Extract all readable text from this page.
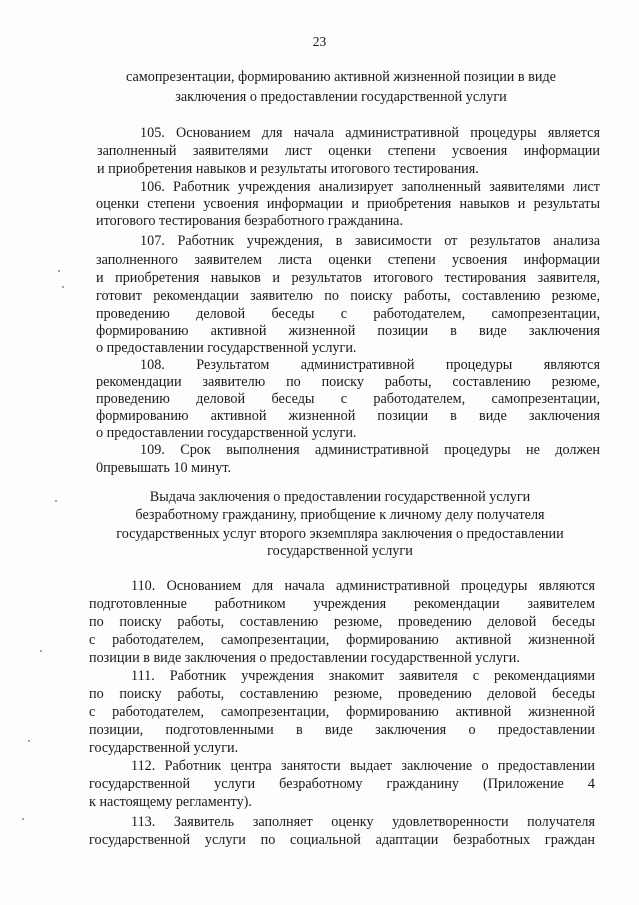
23
самопрезентации, формированию активной жизненной позиции в виде
заключения о предоставлении государственной услуги
105. Основанием для начала административной процедуры является
заполненный заявителями лист оценки степени усвоения информации
и приобретения навыков и результаты итогового тестирования.
106. Работник учреждения анализирует заполненный заявителями лист
оценки степени усвоения информации и приобретения навыков и результаты
итогового тестирования безработного гражданина.
107. Работник учреждения, в зависимости от результатов анализа
заполненного заявителем листа оценки степени усвоения информации
и приобретения навыков и результатов итогового тестирования заявителя,
готовит рекомендации заявителю по поиску работы, составлению резюме,
проведению деловой беседы с работодателем, самопрезентации,
формированию активной жизненной позиции в виде заключения
о предоставлении государственной услуги.
108. Результатом административной процедуры являются
рекомендации заявителю по поиску работы, составлению резюме,
проведению деловой беседы с работодателем, самопрезентации,
формированию активной жизненной позиции в виде заключения
о предоставлении государственной услуги.
109. Срок выполнения административной процедуры не должен
0превышать 10 минут.
Выдача заключения о предоставлении государственной услуги
безработному гражданину, приобщение к личному делу получателя
государственных услуг второго экземпляра заключения о предоставлении
государственной услуги
110. Основанием для начала административной процедуры являются
подготовленные работником учреждения рекомендации заявителем
по поиску работы, составлению резюме, проведению деловой беседы
с работодателем, самопрезентации, формированию активной жизненной
позиции в виде заключения о предоставлении государственной услуги.
111. Работник учреждения знакомит заявителя с рекомендациями
по поиску работы, составлению резюме, проведению деловой беседы
с работодателем, самопрезентации, формированию активной жизненной
позиции, подготовленными в виде заключения о предоставлении
государственной услуги.
112. Работник центра занятости выдает заключение о предоставлении
государственной услуги безработному гражданину (Приложение 4
к настоящему регламенту).
113. Заявитель заполняет оценку удовлетворенности получателя
государственной услуги по социальной адаптации безработных граждан
